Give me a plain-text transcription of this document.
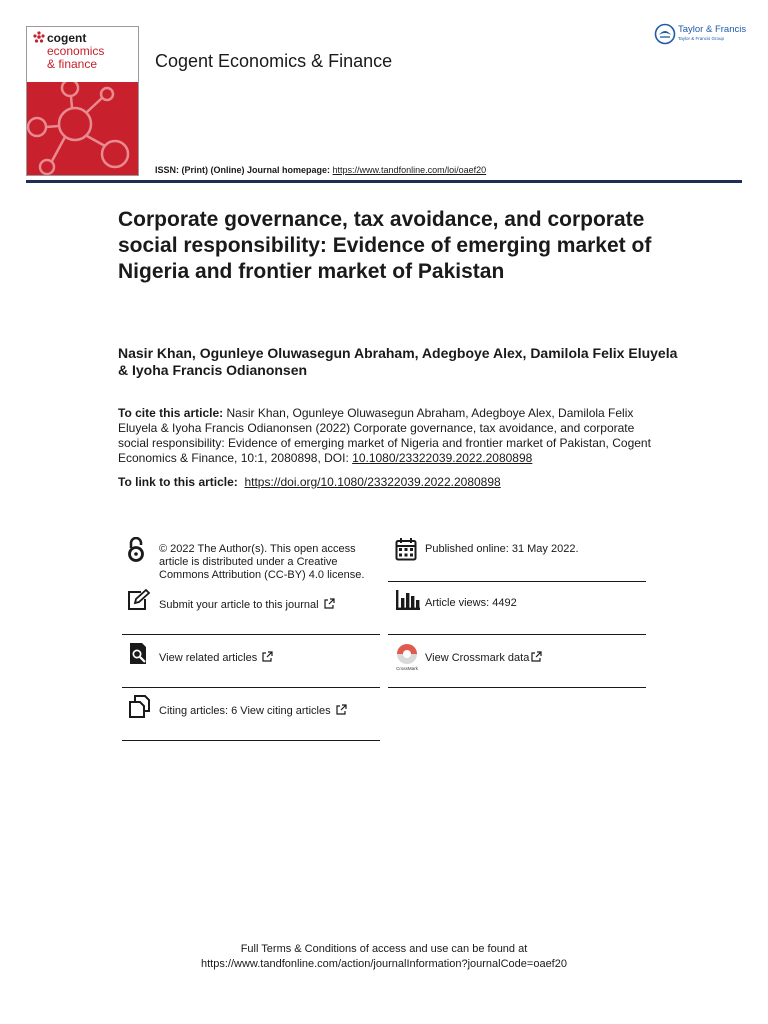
cogent
economics
& finance	Cogent Economics & Finance
Taylor & Francis
Taylor & Francis Group
ISSN: (Print) (Online) Journal homepage: https://www.tandfonline.com/loi/oaef20
Corporate governance, tax avoidance, and corporate social responsibility: Evidence of emerging market of Nigeria and frontier market of Pakistan
Nasir Khan, Ogunleye Oluwasegun Abraham, Adegboye Alex, Damilola Felix Eluyela & Iyoha Francis Odianonsen
To cite this article: Nasir Khan, Ogunleye Oluwasegun Abraham, Adegboye Alex, Damilola Felix Eluyela & Iyoha Francis Odianonsen (2022) Corporate governance, tax avoidance, and corporate social responsibility: Evidence of emerging market of Nigeria and frontier market of Pakistan, Cogent Economics & Finance, 10:1, 2080898, DOI: 10.1080/23322039.2022.2080898
To link to this article: https://doi.org/10.1080/23322039.2022.2080898
© 2022 The Author(s). This open access article is distributed under a Creative Commons Attribution (CC-BY) 4.0 license.
Submit your article to this journal
View related articles
Citing articles: 6 View citing articles
Published online: 31 May 2022.
Article views: 4492
CrossMark
View Crossmark data
Full Terms & Conditions of access and use can be found at
https://www.tandfonline.com/action/journalInformation?journalCode=oaef20
